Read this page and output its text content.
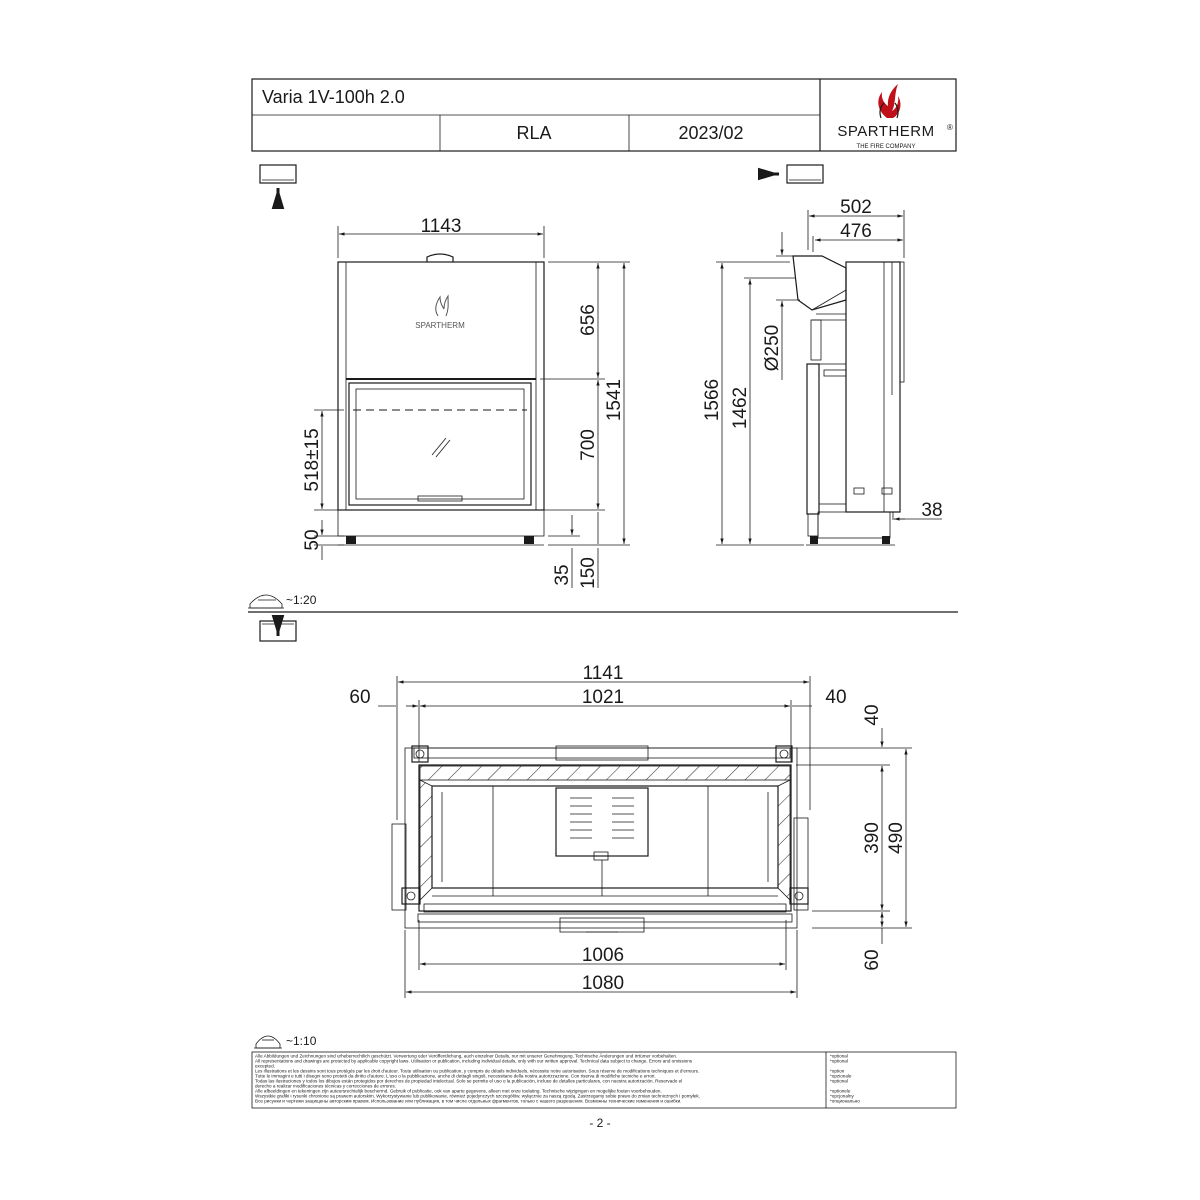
Varia 1V-100h 2.0
RLA	2023/02	SPARTHERM ®
THE FIRE COMPANY
SPARTHERM
1143
656
700
1541
35 150
518±15
50
502
476
Ø250
1566 1462
38
~1:20
1141
1021
60	40
40
390 490
60
1006
1080
~1:10
Alle Abbildungen und Zeichnungen sind urheberrechtlich geschützt. Verwertung oder Veröffentlichung, auch einzelner Details, nur mit unserer Genehmigung. Technische Änderungen und Irrtümer vorbehalten.
All representations and drawings are protected by applicable copyright laws. Utilisation or publication, including individual details, only with our written approval. Technical data subject to change. Errors and omissions
excepted.
Les illustrations et les dessins sont tous protégés par les droit d'auteur. Toute utilisation ou publication, y compris de détails individuels, nécessite notre autorisation. Sous réserve de modifications techniques et d'erreurs.
Tutte le immagini e tutti i disegni sono protetti da diritto d'autore. L'uso o la pubblicazione, anche di dettagli singoli, necessitano della nostra autorizzazione. Con riserva di modifiche tecniche e errori.
Todas las ilustraciones y todos los dibujos están protegidos por derechos de propiedad intelectual. Solo se permite el uso o la publicación, incluso de detalles particulares, con nuestra autorización. Reservado el
derecho a realizar modificaciones técnicas y correcciones de errores.
Alle afbeeldingen en tekeningen zijn auteursrechtelijk beschermd. Gebruik of publicatie, ook van aparte gegevens, alleen met onze toelating. Technische wijzigingen en mogelijke fouten voorbehouden.
Wszystkie grafiki i rysunki chronione są prawem autorskim. Wykorzystywanie lub publikowanie, również pojedynczych szczegółów, wyłącznie za naszą zgodą. Zastrzegamy sobie prawo do zmian technicznych i pomyłek.
Все рисунки и чертежи защищены авторским правом. Использование или публикация, в том числе отдельных фрагментов, только с нашего разрешения. Возможны технические изменения и ошибки.
*optional
*optional
*option
*opzionale
*optional
*optionele
*opcjonalny
*опционально
- 2 -
